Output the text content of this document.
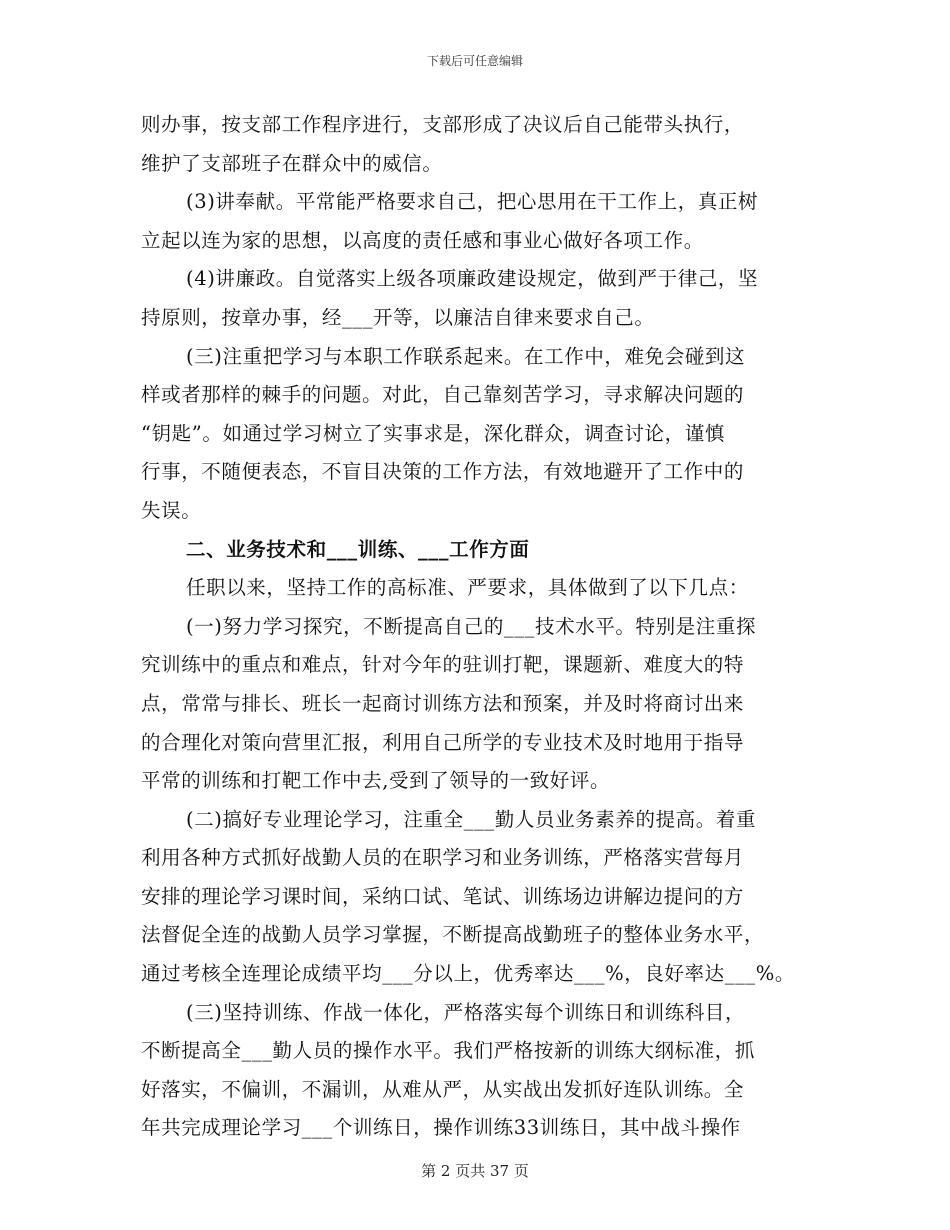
下载后可任意编辑
则办事，按支部工作程序进行，支部形成了决议后自己能带头执行，
维护了支部班子在群众中的威信。
(3)讲奉献。平常能严格要求自己，把心思用在干工作上，真正树
立起以连为家的思想，以高度的责任感和事业心做好各项工作。
(4)讲廉政。自觉落实上级各项廉政建设规定，做到严于律己，坚
持原则，按章办事，经___开等，以廉洁自律来要求自己。
(三)注重把学习与本职工作联系起来。在工作中，难免会碰到这
样或者那样的棘手的问题。对此，自己靠刻苦学习，寻求解决问题的
“钥匙”。如通过学习树立了实事求是，深化群众，调查讨论，谨慎
行事，不随便表态，不盲目决策的工作方法，有效地避开了工作中的
失误。
二、业务技术和___训练、___工作方面
任职以来，坚持工作的高标准、严要求，具体做到了以下几点：
(一)努力学习探究，不断提高自己的___技术水平。特别是注重探
究训练中的重点和难点，针对今年的驻训打靶，课题新、难度大的特
点，常常与排长、班长一起商讨训练方法和预案，并及时将商讨出来
的合理化对策向营里汇报，利用自己所学的专业技术及时地用于指导
平常的训练和打靶工作中去,受到了领导的一致好评。
(二)搞好专业理论学习，注重全___勤人员业务素养的提高。着重
利用各种方式抓好战勤人员的在职学习和业务训练，严格落实营每月
安排的理论学习课时间，采纳口试、笔试、训练场边讲解边提问的方
法督促全连的战勤人员学习掌握，不断提高战勤班子的整体业务水平，
通过考核全连理论成绩平均___分以上，优秀率达___%，良好率达___%。
(三)坚持训练、作战一体化，严格落实每个训练日和训练科目，
不断提高全___勤人员的操作水平。我们严格按新的训练大纲标准，抓
好落实，不偏训，不漏训，从难从严，从实战出发抓好连队训练。全
年共完成理论学习___个训练日，操作训练33训练日，其中战斗操作
第 2 页共 37 页
